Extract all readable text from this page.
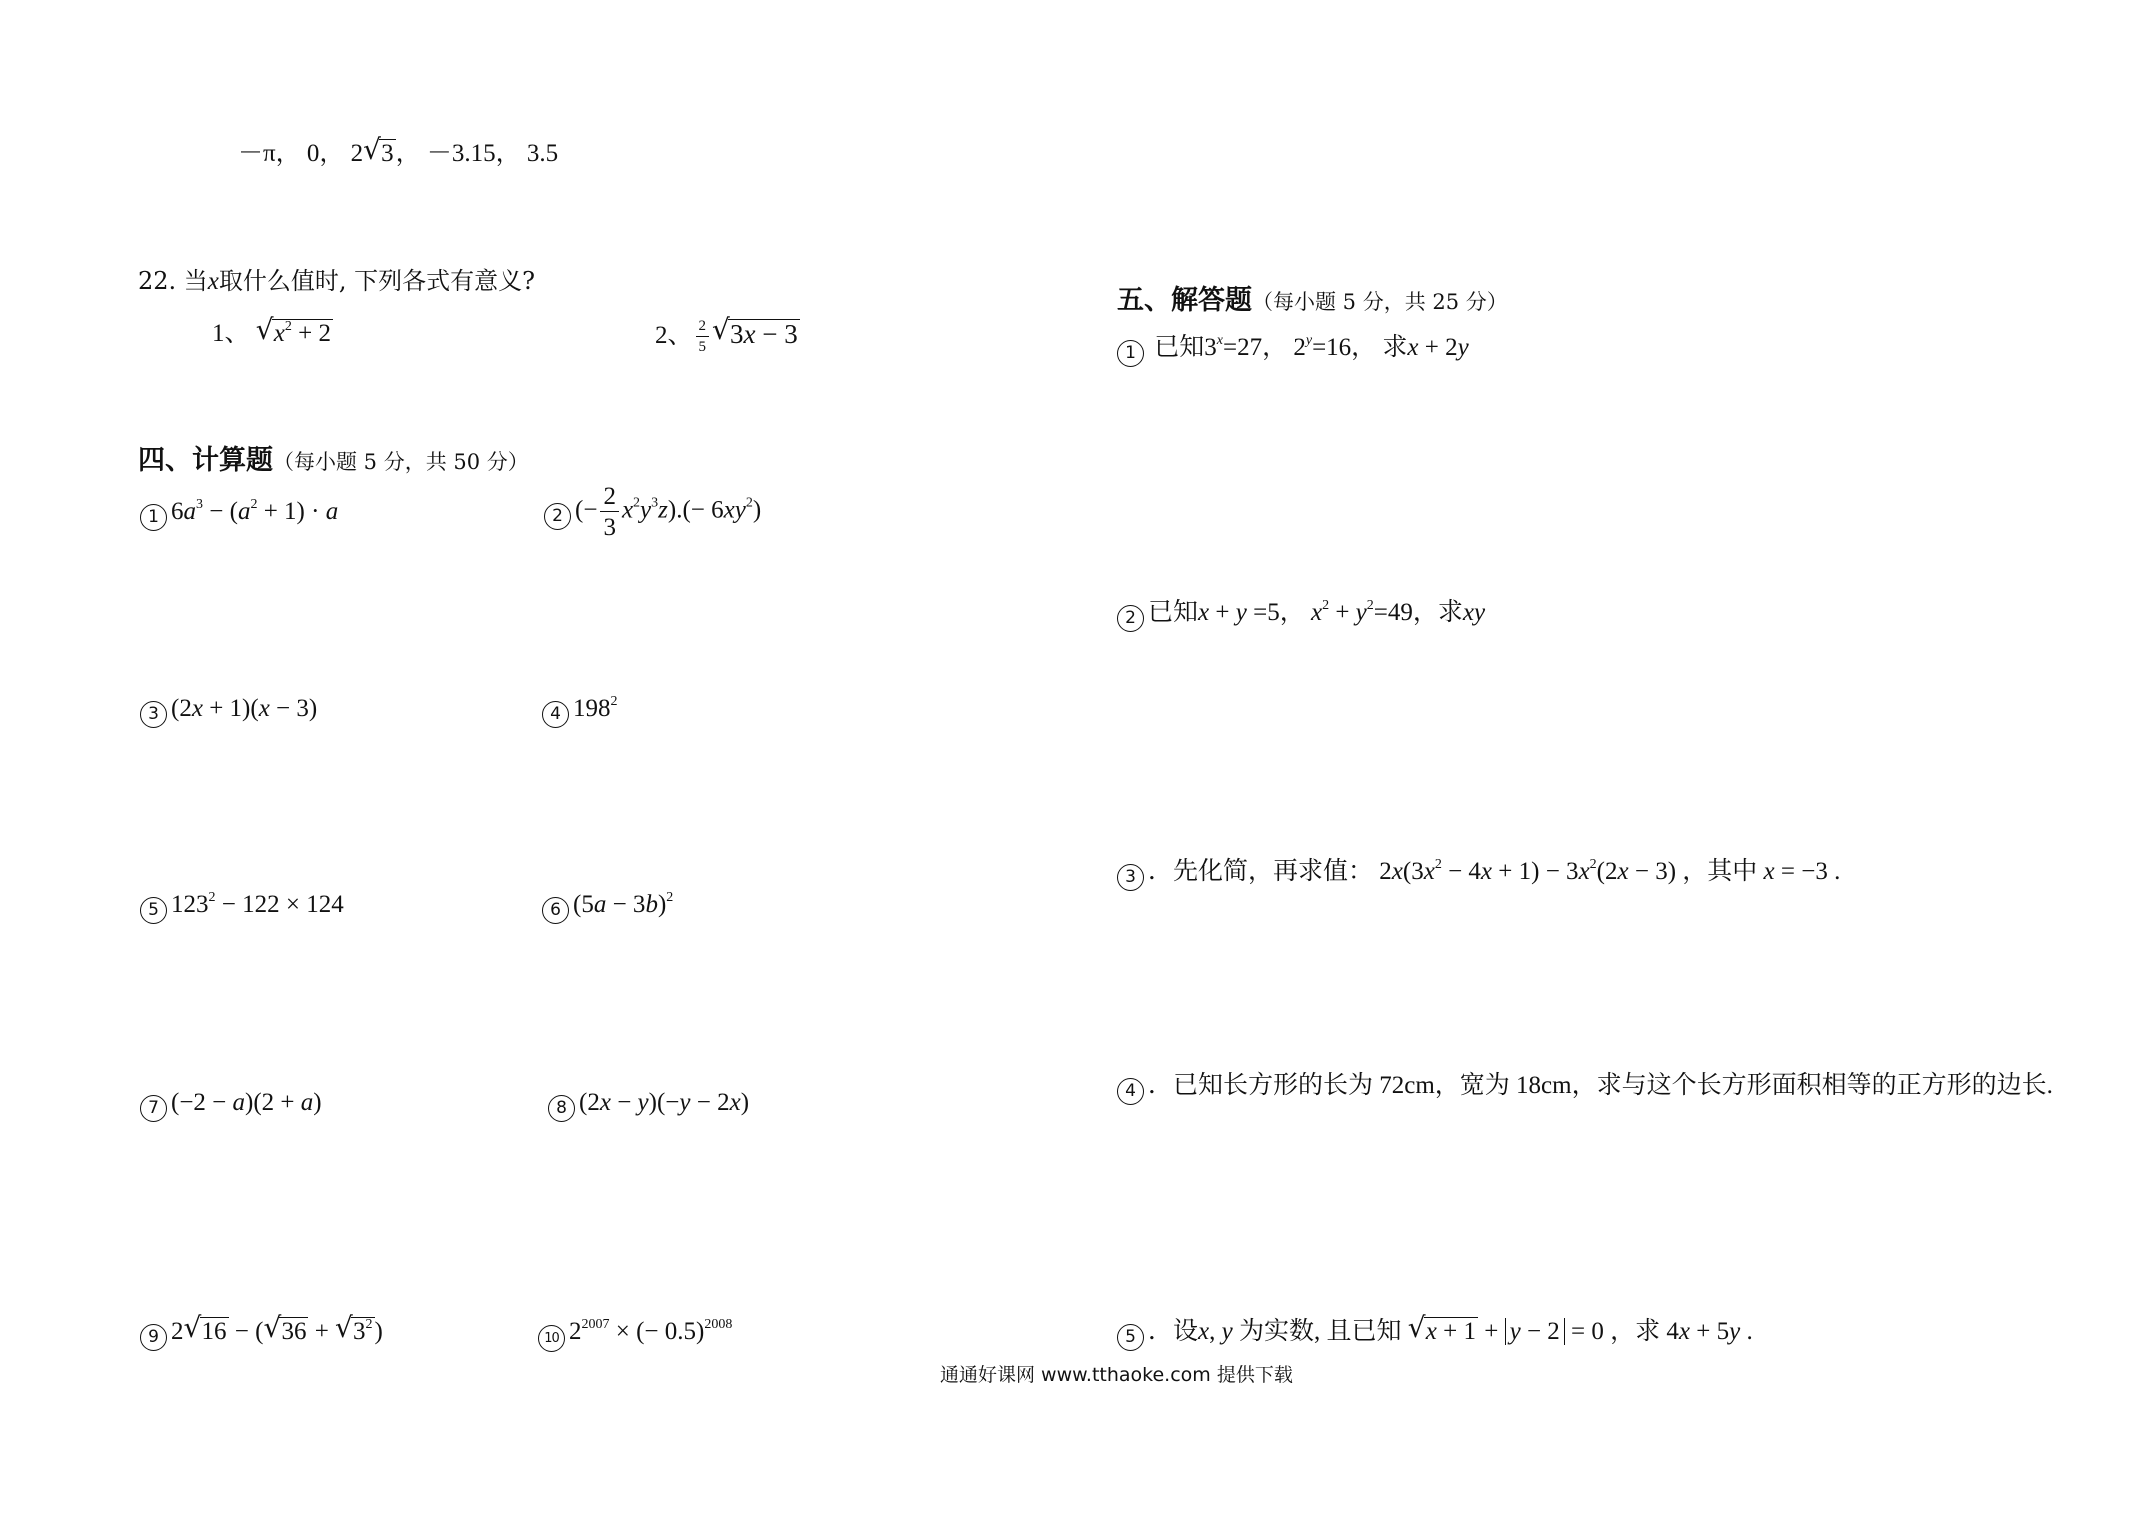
－π， 0， 2 √ 3， －3.15， 3.5
22. 当x取什么值时, 下列各式有意义?
1、 √ $x^2 + 2$	2、 $\frac{2}{5}$ √ 3x − 3
四、计算题（每小题 5 分，共 50 分）
1 $6a^3 - (a^2 + 1) \cdot a$	2 (− $\frac{2}{3} x^2y^3z).(- 6xy^2)$
3 (2x + 1)(x − 3)	4 $198^2$
5 $123^2 - 122 \times 124$	6 $(5a - 3b)^2$
7 (−2 − a)(2 + a)	8 (2x − y)(−y − 2x)
9 2 √ 16 − ( √ 36 + √ $3^2$)	10 $2^{2007}$ × (− 0.5)$^{2008}$
五、解答题（每小题 5 分，共 25 分）
1 已知$3^x=27$， $2^y=16$， 求x + 2y
2 已知x + y =5， $x^2 + y^2=49$，求xy
3 ．先化简，再求值： $2x(3x^2 - 4x + 1) - 3x^2(2x - 3)$ ，其中 x = −3 .
4 ．已知长方形的长为 72cm，宽为 18cm，求与这个长方形面积相等的正方形的边长.
5 ．设x, y 为实数, 且已知 √ x + 1 + y − 2 = 0 ，求 4x + 5y .
通通好课网 www.tthaoke.com 提供下载
